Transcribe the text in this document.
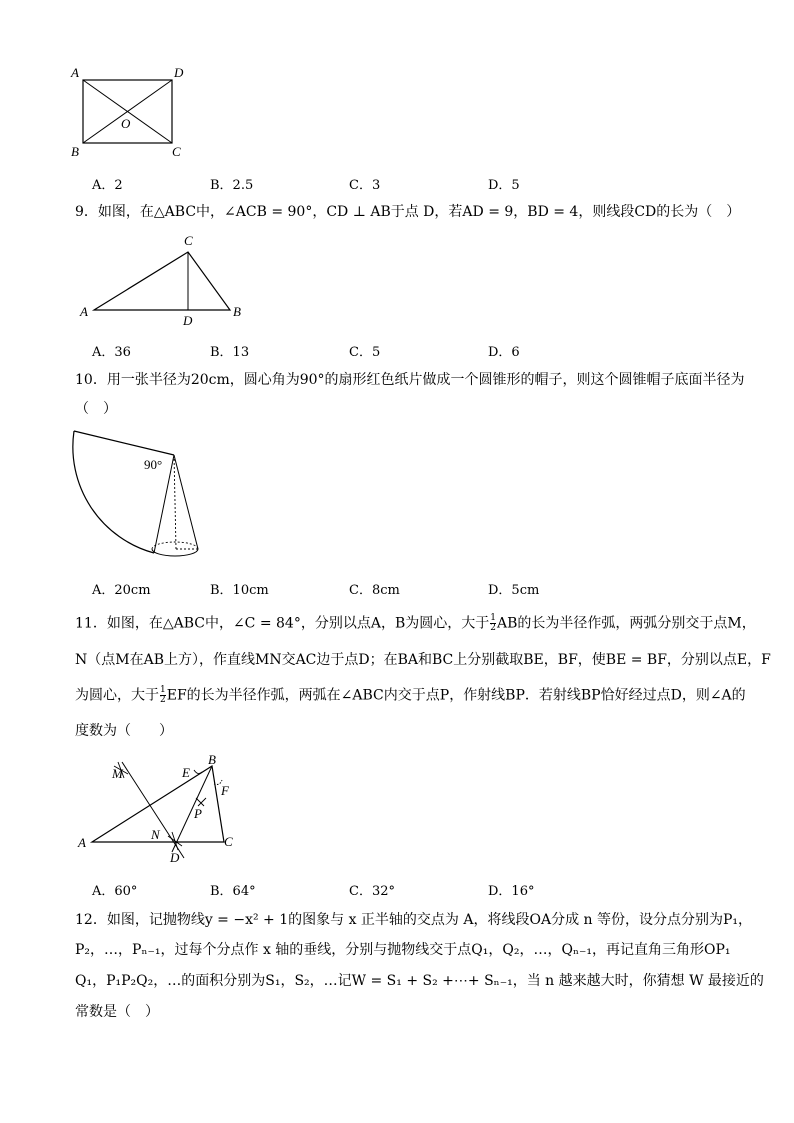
A	D
B	C
O
A．2	B．2.5	C．3	D．5
9．如图，在△ABC中，∠ACB = 90°，CD ⊥ AB于点 D，若AD = 9，BD = 4，则线段CD的长为（　）
A
C
B
D
A．36	B．13	C．5	D．6
10．用一张半径为20cm，圆心角为90°的扇形红色纸片做成一个圆锥形的帽子，则这个圆锥帽子底面半径为
（　）
90°
A．20cm	B．10cm	C．8cm	D．5cm
11．如图，在△ABC中，∠C = 84°，分别以点A，B为圆心，大于 $\frac{1}{2}$ AB的长为半径作弧，两弧分别交于点M，
N（点M在AB上方），作直线MN交AC边于点D；在BA和BC上分别截取BE，BF，使BE = BF，分别以点E，F
为圆心，大于 $\frac{1}{2}$ EF的长为半径作弧，两弧在∠ABC内交于点P，作射线BP．若射线BP恰好经过点D，则∠A的
度数为（　　）
A
B
C
D
E
F
M
N
P
A．60°	B．64°	C．32°	D．16°
12．如图，记抛物线y = −x² + 1的图象与 x 正半轴的交点为 A，将线段OA分成 n 等份，设分点分别为P₁，
P₂，…，Pₙ₋₁，过每个分点作 x 轴的垂线，分别与抛物线交于点Q₁，Q₂，…，Qₙ₋₁，再记直角三角形OP₁
Q₁，P₁P₂Q₂，…的面积分别为S₁，S₂，…记W = S₁ + S₂ +⋯+ Sₙ₋₁，当 n 越来越大时，你猜想 W 最接近的
常数是（　）
